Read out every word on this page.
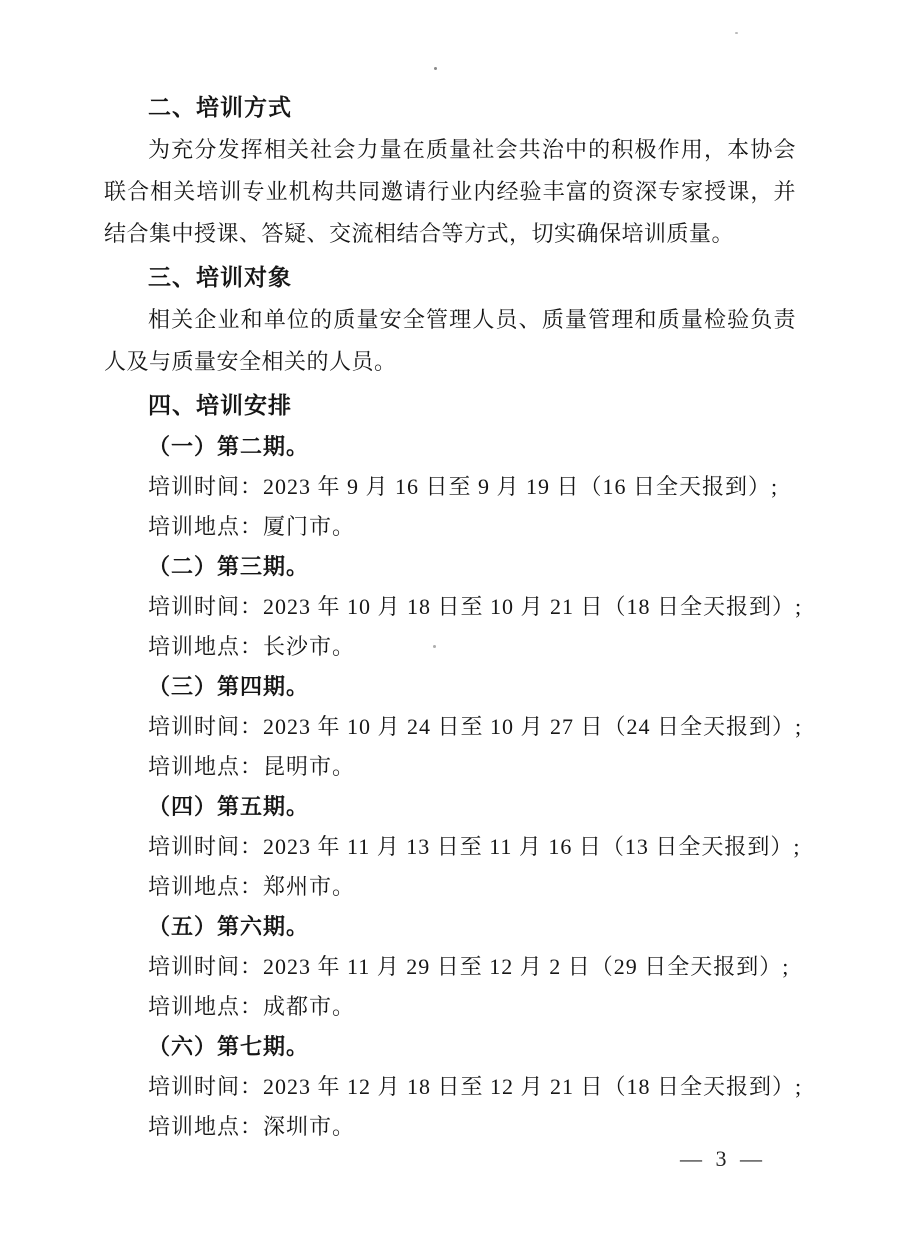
二、培训方式
为充分发挥相关社会力量在质量社会共治中的积极作用，本协会
联合相关培训专业机构共同邀请行业内经验丰富的资深专家授课，并
结合集中授课、答疑、交流相结合等方式，切实确保培训质量。
三、培训对象
相关企业和单位的质量安全管理人员、质量管理和质量检验负责
人及与质量安全相关的人员。
四、培训安排
（一）第二期。
培训时间：2023 年 9 月 16 日至 9 月 19 日（16 日全天报到）;
培训地点：厦门市。
（二）第三期。
培训时间：2023 年 10 月 18 日至 10 月 21 日（18 日全天报到）;
培训地点：长沙市。
（三）第四期。
培训时间：2023 年 10 月 24 日至 10 月 27 日（24 日全天报到）;
培训地点：昆明市。
（四）第五期。
培训时间：2023 年 11 月 13 日至 11 月 16 日（13 日全天报到）;
培训地点：郑州市。
（五）第六期。
培训时间：2023 年 11 月 29 日至 12 月 2 日（29 日全天报到）;
培训地点：成都市。
（六）第七期。
培训时间：2023 年 12 月 18 日至 12 月 21 日（18 日全天报到）;
培训地点：深圳市。
— 3 —
